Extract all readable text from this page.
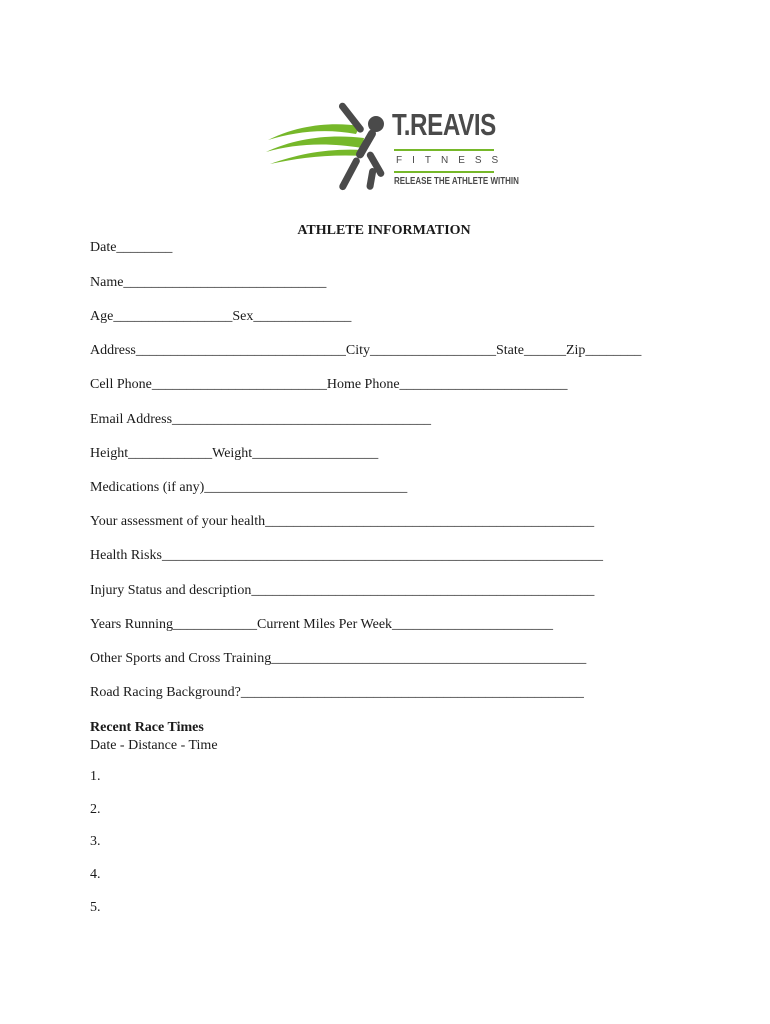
T.REAVIS
FITNESS
RELEASE THE ATHLETE WITHIN
ATHLETE INFORMATION
Date________
Name_____________________________
Age_________________Sex______________
Address______________________________City__________________State______Zip________
Cell Phone_________________________Home Phone________________________
Email Address_____________________________________
Height____________Weight__________________
Medications (if any)_____________________________
Your assessment of your health_______________________________________________
Health Risks_______________________________________________________________
Injury Status and description_________________________________________________
Years Running____________Current Miles Per Week_______________________
Other Sports and Cross Training_____________________________________________
Road Racing Background?_________________________________________________
Recent Race Times
Date - Distance - Time
1.
2.
3.
4.
5.
